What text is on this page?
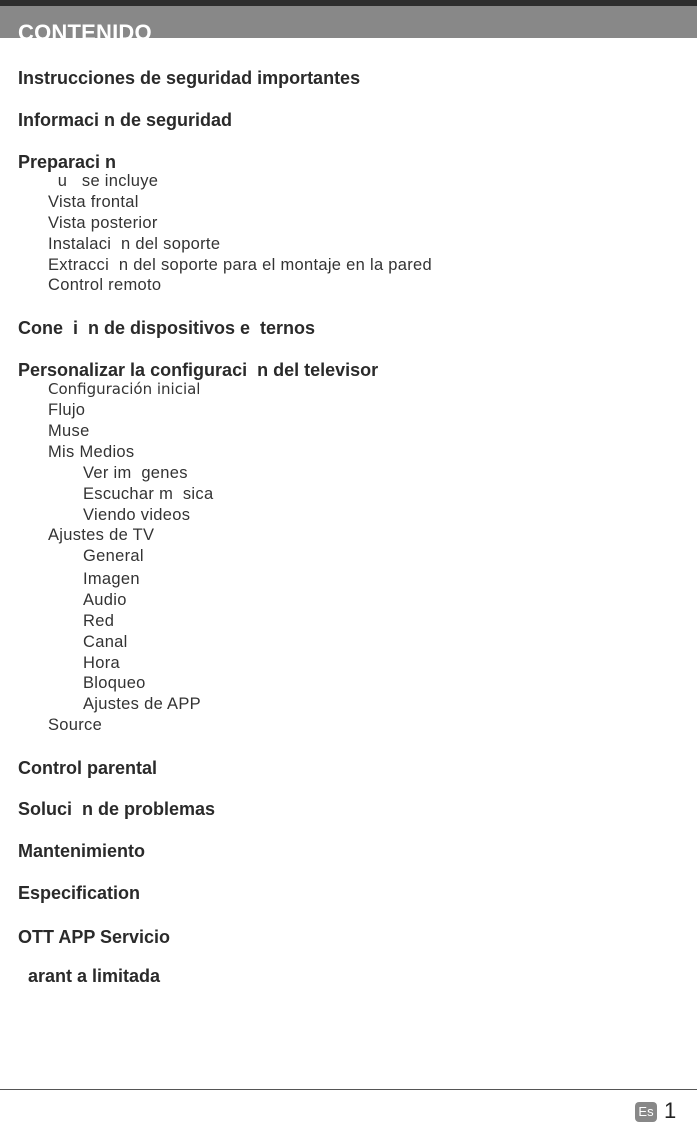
CONTENIDO
Instrucciones de seguridad importantes
Informaci n de seguridad
Preparaci n
u   se incluye
Vista frontal
Vista posterior
Instalaci  n del soporte
Extracci  n del soporte para el montaje en la pared
Control remoto
Cone  i  n de dispositivos e  ternos
Personalizar la configuraci  n del televisor
Configuración inicial
Flujo
Muse
Mis Medios
Ver im  genes
Escuchar m  sica
Viendo videos
Ajustes de TV
General
Imagen
Audio
Red
Canal
Hora
Bloqueo
Ajustes de APP
Source
Control parental
Soluci  n de problemas
Mantenimiento
Especification
OTT APP Servicio
arant a limitada
Es 1
